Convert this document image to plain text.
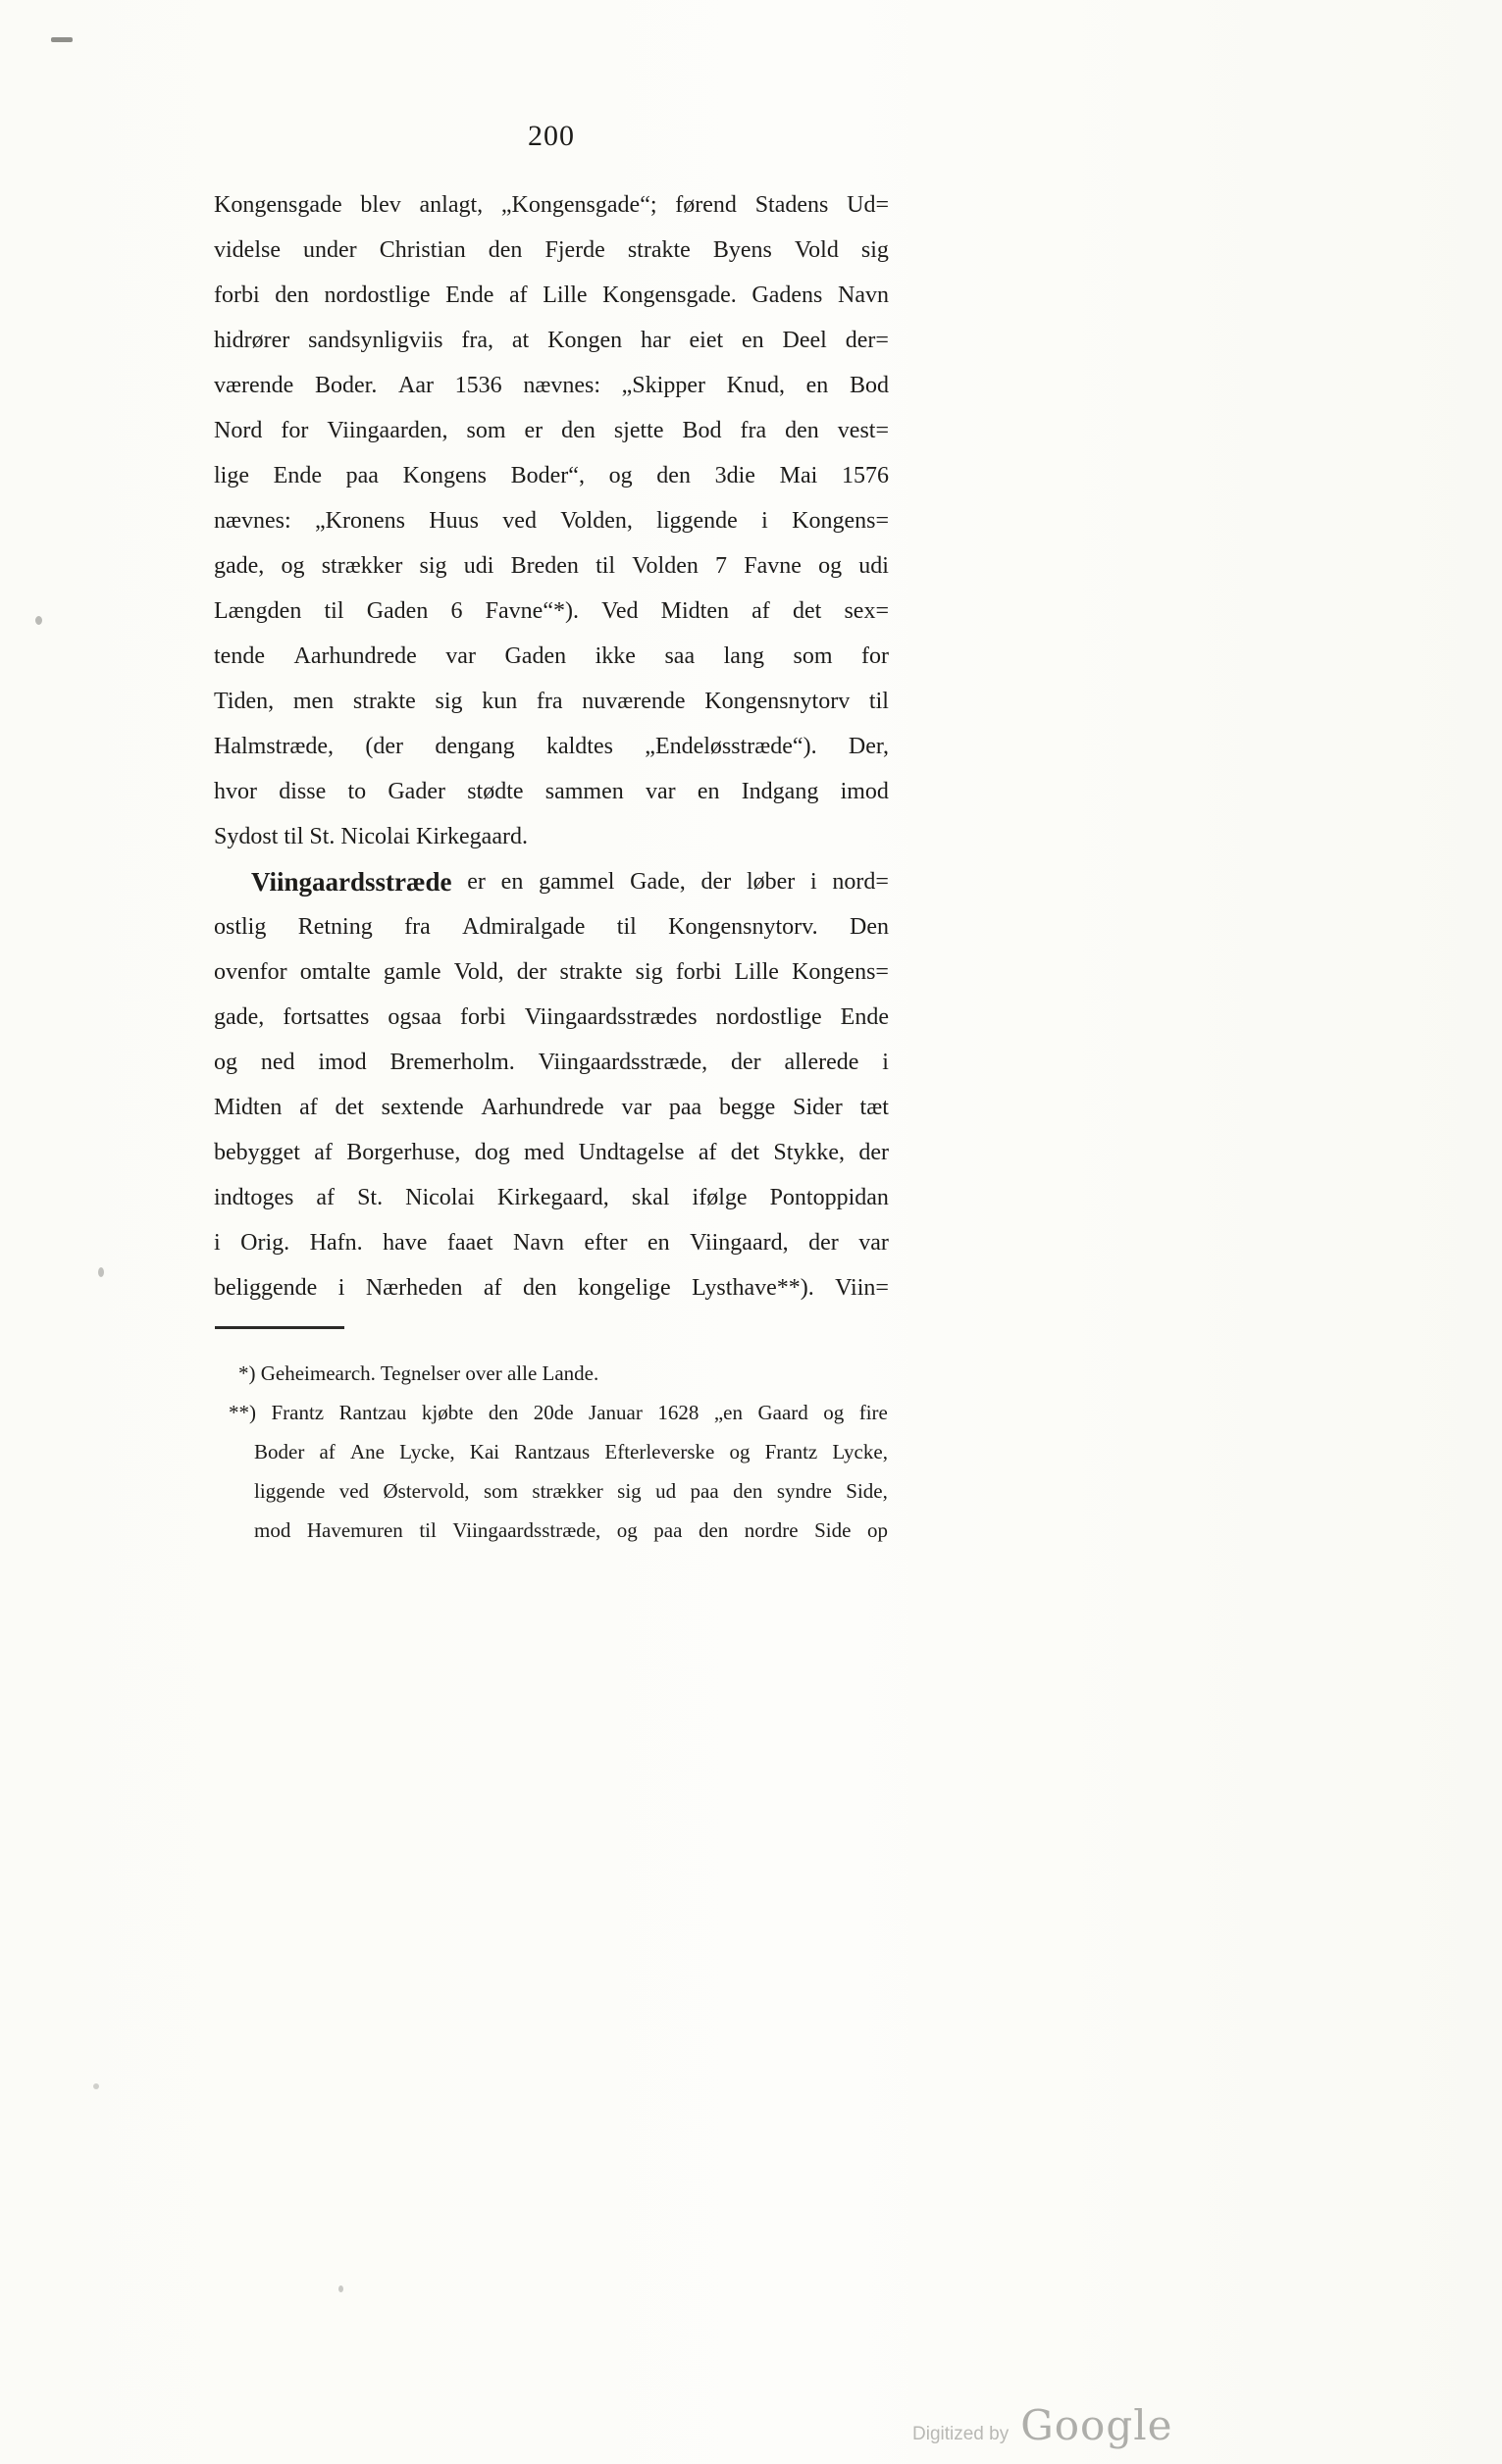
200
Kongensgade blev anlagt, „Kongensgade“; førend Stadens Ud=
videlse under Christian den Fjerde strakte Byens Vold sig
forbi den nordostlige Ende af Lille Kongensgade. Gadens Navn
hidrører sandsynligviis fra, at Kongen har eiet en Deel der=
værende Boder. Aar 1536 nævnes: „Skipper Knud, en Bod
Nord for Viingaarden, som er den sjette Bod fra den vest=
lige Ende paa Kongens Boder“, og den 3die Mai 1576
nævnes: „Kronens Huus ved Volden, liggende i Kongens=
gade, og strækker sig udi Breden til Volden 7 Favne og udi
Længden til Gaden 6 Favne“*). Ved Midten af det sex=
tende Aarhundrede var Gaden ikke saa lang som for
Tiden, men strakte sig kun fra nuværende Kongensnytorv til
Halmstræde, (der dengang kaldtes „Endeløsstræde“). Der,
hvor disse to Gader stødte sammen var en Indgang imod
Sydost til St. Nicolai Kirkegaard.
Viingaardsstræde er en gammel Gade, der løber i nord=
ostlig Retning fra Admiralgade til Kongensnytorv. Den
ovenfor omtalte gamle Vold, der strakte sig forbi Lille Kongens=
gade, fortsattes ogsaa forbi Viingaardsstrædes nordostlige Ende
og ned imod Bremerholm. Viingaardsstræde, der allerede i
Midten af det sextende Aarhundrede var paa begge Sider tæt
bebygget af Borgerhuse, dog med Undtagelse af det Stykke, der
indtoges af St. Nicolai Kirkegaard, skal ifølge Pontoppidan
i Orig. Hafn. have faaet Navn efter en Viingaard, der var
beliggende i Nærheden af den kongelige Lysthave**). Viin=
*) Geheimearch. Tegnelser over alle Lande.
**) Frantz Rantzau kjøbte den 20de Januar 1628 „en Gaard og fire
Boder af Ane Lycke, Kai Rantzaus Efterleverske og Frantz Lycke,
liggende ved Østervold, som strækker sig ud paa den syndre Side,
mod Havemuren til Viingaardsstræde, og paa den nordre Side op
Digitized by Google
